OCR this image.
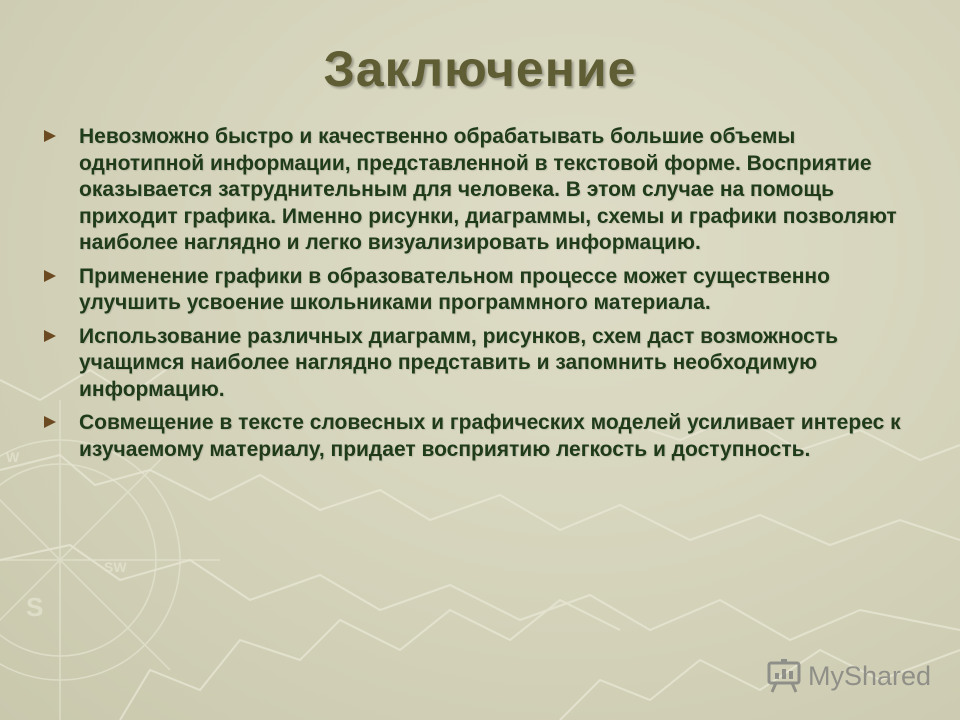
S
SW
W
Заключение
Невозможно быстро и качественно обрабатывать большие объемы однотипной информации, представленной в текстовой форме. Восприятие оказывается затруднительным для человека. В этом случае на помощь приходит графика. Именно рисунки, диаграммы, схемы и графики позволяют наиболее наглядно и легко визуализировать информацию.
Применение графики в образовательном процессе может существенно улучшить усвоение школьниками программного материала.
Использование различных диаграмм, рисунков, схем даст возможность учащимся наиболее наглядно представить и запомнить необходимую информацию.
Совмещение в тексте словесных и графических моделей усиливает интерес к изучаемому материалу, придает восприятию легкость и доступность.
MyShared
